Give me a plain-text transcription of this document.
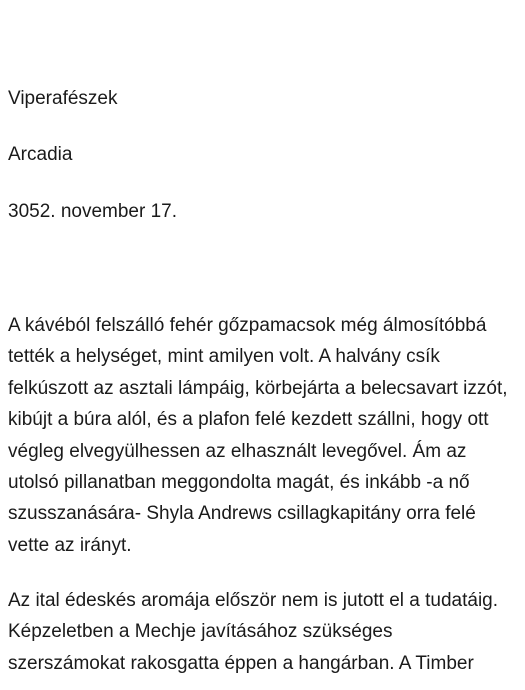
Viperafészek

Arcadia

3052. november 17.

A kávéból felszálló fehér gőzpamacsok még álmosítóbbá
tették a helységet, mint amilyen volt. A halvány csík
felkúszott az asztali lámpáig, körbejárta a belecsavart izzót,
kibújt a búra alól, és a plafon felé kezdett szállni, hogy ott
végleg elvegyülhessen az elhasznált levegővel. Ám az
utolsó pillanatban meggondolta magát, és inkább -a nő
szusszanására- Shyla Andrews csillagkapitány orra felé
vette az irányt.
Az ital édeskés aromája először nem is jutott el a tudatáig.
Képzeletben a Mechje javításához szükséges
szerszámokat rakosgatta éppen a hangárban. A Timber
